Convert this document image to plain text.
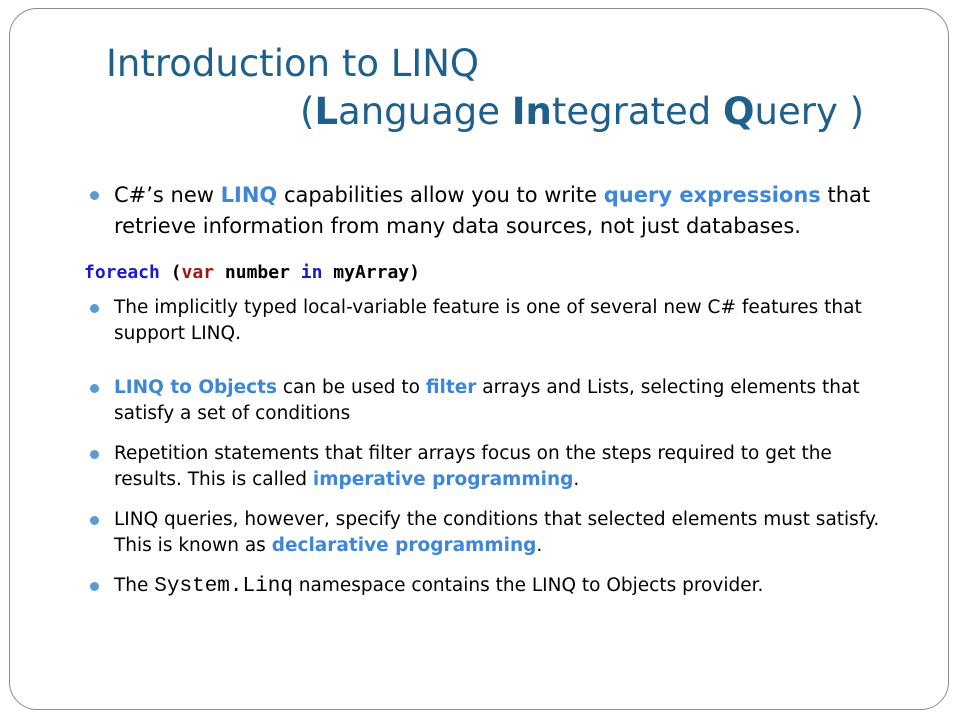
Introduction to LINQ
(Language Integrated Query )
C#’s new LINQ capabilities allow you to write query expressions that retrieve information from many data sources, not just databases.
foreach (var number in myArray)
The implicitly typed local-variable feature is one of several new C# features that support LINQ.
LINQ to Objects can be used to filter arrays and Lists, selecting elements that satisfy a set of conditions
Repetition statements that filter arrays focus on the steps required to get the results. This is called imperative programming.
LINQ queries, however, specify the conditions that selected elements must satisfy. This is known as declarative programming.
The System.Linq namespace contains the LINQ to Objects provider.
